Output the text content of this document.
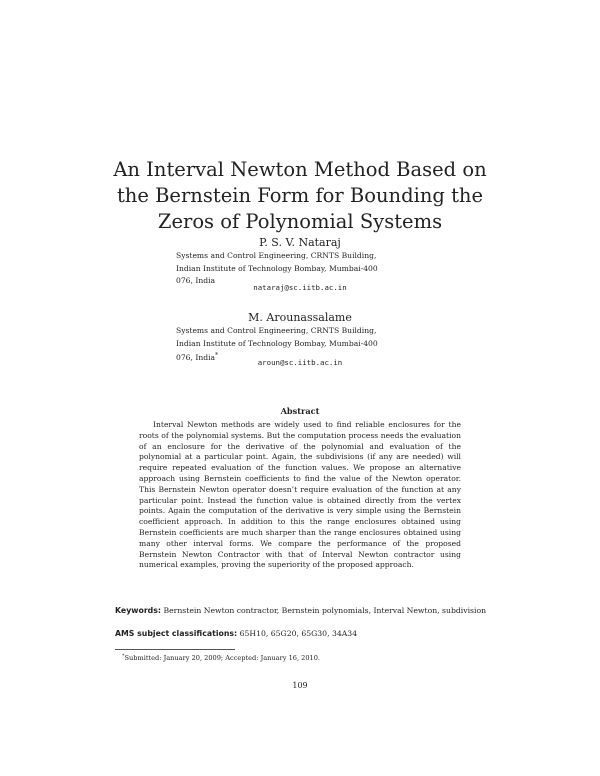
An Interval Newton Method Based on the Bernstein Form for Bounding the Zeros of Polynomial Systems
P. S. V. Nataraj
Systems and Control Engineering, CRNTS Building,
Indian Institute of Technology Bombay, Mumbai-400
076, India
nataraj@sc.iitb.ac.in
M. Arounassalame
Systems and Control Engineering, CRNTS Building,
Indian Institute of Technology Bombay, Mumbai-400
076, India*
aroun@sc.iitb.ac.in
Abstract
Interval Newton methods are widely used to find reliable enclosures for the roots of the polynomial systems. But the computation process needs the evaluation of an enclosure for the derivative of the polynomial and evaluation of the polynomial at a particular point. Again, the subdivisions (if any are needed) will require repeated evaluation of the function values. We propose an alternative approach using Bernstein coefficients to find the value of the Newton operator. This Bernstein Newton operator doesn’t require evaluation of the function at any particular point. Instead the function value is obtained directly from the vertex points. Again the computation of the derivative is very simple using the Bernstein coefficient approach. In addition to this the range enclosures obtained using Bernstein coefficients are much sharper than the range enclosures obtained using many other interval forms. We compare the performance of the proposed Bernstein Newton Contractor with that of Interval Newton contractor using numerical examples, proving the superiority of the proposed approach.
Keywords: Bernstein Newton contractor, Bernstein polynomials, Interval Newton, subdivision
AMS subject classifications: 65H10, 65G20, 65G30, 34A34
*Submitted: January 20, 2009; Accepted: January 16, 2010.
109
